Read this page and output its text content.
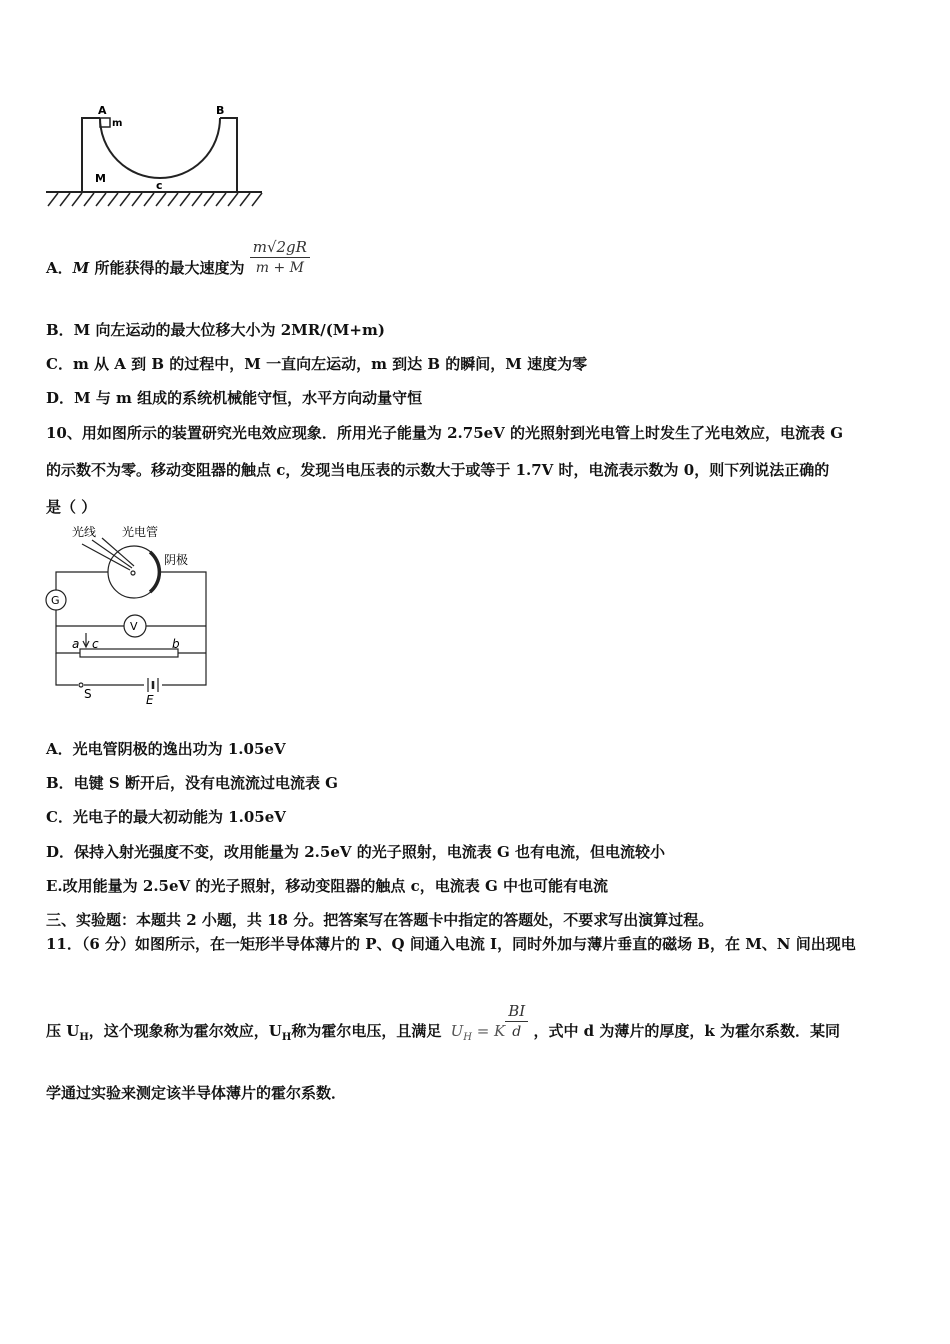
A
m
B
M
c
A．M 所能获得的最大速度为 $\frac{m√2gR}{m + M}$
B．M 向左运动的最大位移大小为 2MR/(M+m)
C．m 从 A 到 B 的过程中，M 一直向左运动，m 到达 B 的瞬间，M 速度为零
D．M 与 m 组成的系统机械能守恒，水平方向动量守恒
10、用如图所示的装置研究光电效应现象．所用光子能量为 2.75eV 的光照射到光电管上时发生了光电效应，电流表 G
的示数不为零。移动变阻器的触点 c，发现当电压表的示数大于或等于 1.7V 时，电流表示数为 0，则下列说法正确的
是（ ）
光线 光电管
阴极
G
V
a c	b
S	E
A．光电管阴极的逸出功为 1.05eV
B．电键 S 断开后，没有电流流过电流表 G
C．光电子的最大初动能为 1.05eV
D．保持入射光强度不变，改用能量为 2.5eV 的光子照射，电流表 G 也有电流，但电流较小
E.改用能量为 2.5eV 的光子照射，移动变阻器的触点 c，电流表 G 中也可能有电流
三、实验题：本题共 2 小题，共 18 分。把答案写在答题卡中指定的答题处，不要求写出演算过程。
11．（6 分）如图所示，在一矩形半导体薄片的 P、Q 间通入电流 I，同时外加与薄片垂直的磁场 B，在 M、N 间出现电
压 $U_H$，这个现象称为霍尔效应，$U_H$称为霍尔电压，且满足 $U_H = K \frac{BI}{d}$ ，式中 d 为薄片的厚度，k 为霍尔系数．某同
学通过实验来测定该半导体薄片的霍尔系数．
